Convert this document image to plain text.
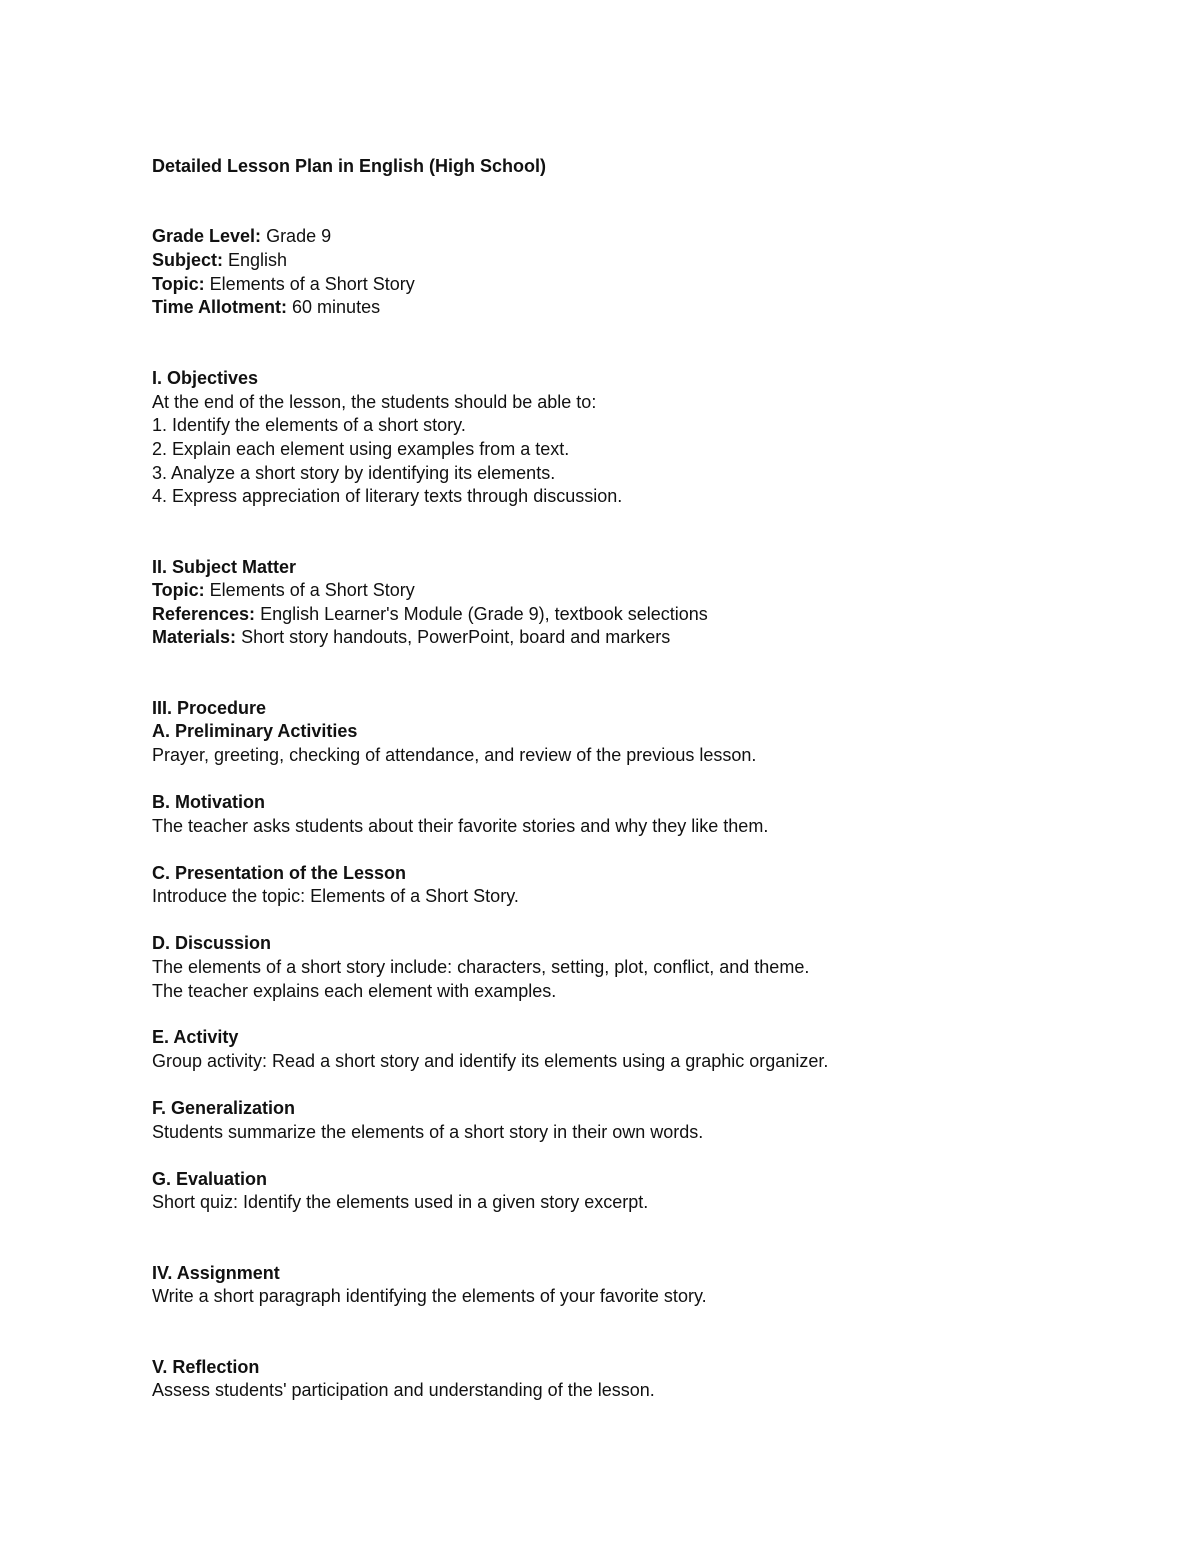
Detailed Lesson Plan in English (High School)

Grade Level: Grade 9

Subject: English

Topic: Elements of a Short Story

Time Allotment: 60 minutes

I. Objectives

At the end of the lesson, the students should be able to:

1. Identify the elements of a short story.

2. Explain each element using examples from a text.

3. Analyze a short story by identifying its elements.

4. Express appreciation of literary texts through discussion.

II. Subject Matter

Topic: Elements of a Short Story

References: English Learner's Module (Grade 9), textbook selections

Materials: Short story handouts, PowerPoint, board and markers

III. Procedure

A. Preliminary Activities

Prayer, greeting, checking of attendance, and review of the previous lesson.

B. Motivation

The teacher asks students about their favorite stories and why they like them.

C. Presentation of the Lesson

Introduce the topic: Elements of a Short Story.

D. Discussion

The elements of a short story include: characters, setting, plot, conflict, and theme.

The teacher explains each element with examples.

E. Activity

Group activity: Read a short story and identify its elements using a graphic organizer.

F. Generalization

Students summarize the elements of a short story in their own words.

G. Evaluation

Short quiz: Identify the elements used in a given story excerpt.

IV. Assignment

Write a short paragraph identifying the elements of your favorite story.

V. Reflection

Assess students' participation and understanding of the lesson.
